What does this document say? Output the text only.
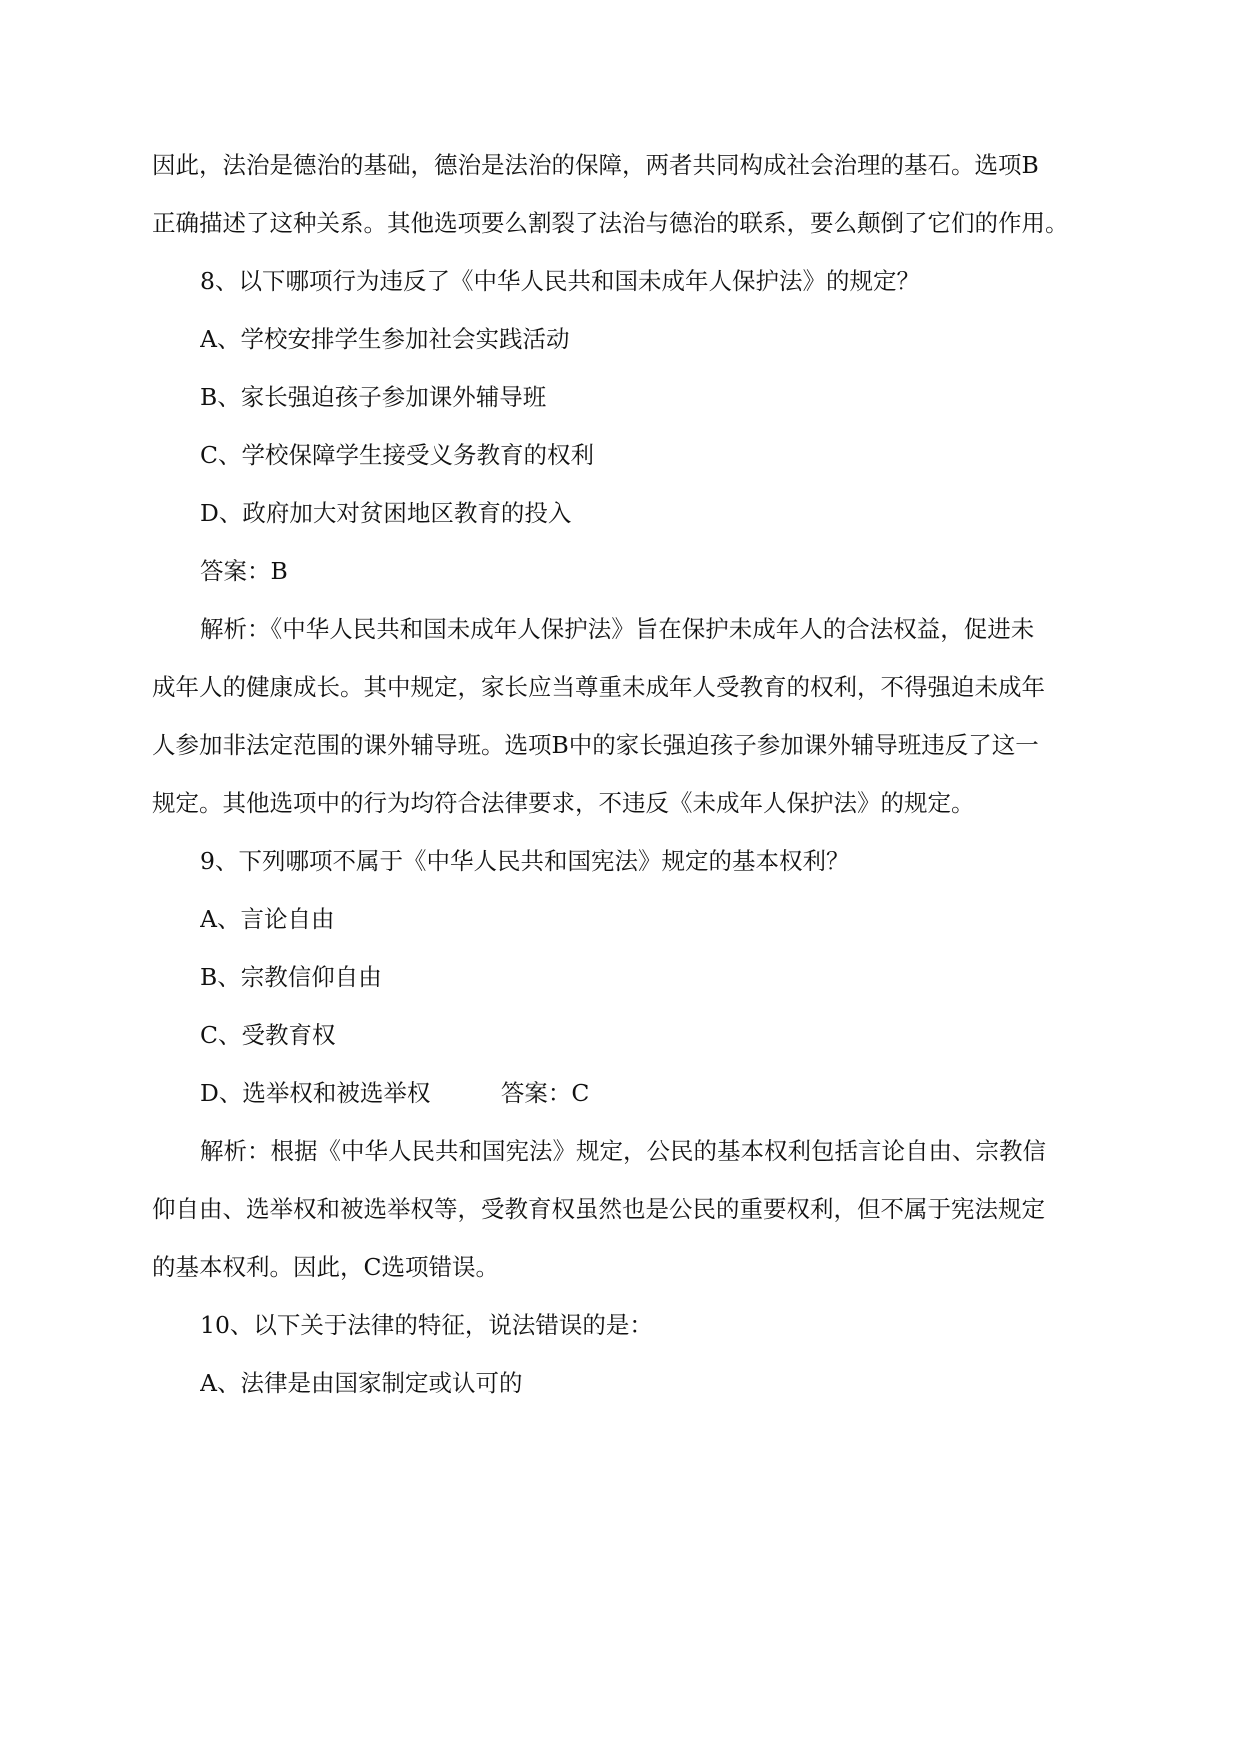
因此，法治是德治的基础，德治是法治的保障，两者共同构成社会治理的基石。选项B
正确描述了这种关系。其他选项要么割裂了法治与德治的联系，要么颠倒了它们的作用。
8、以下哪项行为违反了《中华人民共和国未成年人保护法》的规定？
A、学校安排学生参加社会实践活动
B、家长强迫孩子参加课外辅导班
C、学校保障学生接受义务教育的权利
D、政府加大对贫困地区教育的投入
答案：B
解析：《中华人民共和国未成年人保护法》旨在保护未成年人的合法权益，促进未
成年人的健康成长。其中规定，家长应当尊重未成年人受教育的权利，不得强迫未成年
人参加非法定范围的课外辅导班。选项B中的家长强迫孩子参加课外辅导班违反了这一
规定。其他选项中的行为均符合法律要求，不违反《未成年人保护法》的规定。
9、下列哪项不属于《中华人民共和国宪法》规定的基本权利？
A、言论自由
B、宗教信仰自由
C、受教育权
D、选举权和被选举权　　　答案：C
解析：根据《中华人民共和国宪法》规定，公民的基本权利包括言论自由、宗教信
仰自由、选举权和被选举权等，受教育权虽然也是公民的重要权利，但不属于宪法规定
的基本权利。因此，C选项错误。
10、以下关于法律的特征，说法错误的是：
A、法律是由国家制定或认可的
